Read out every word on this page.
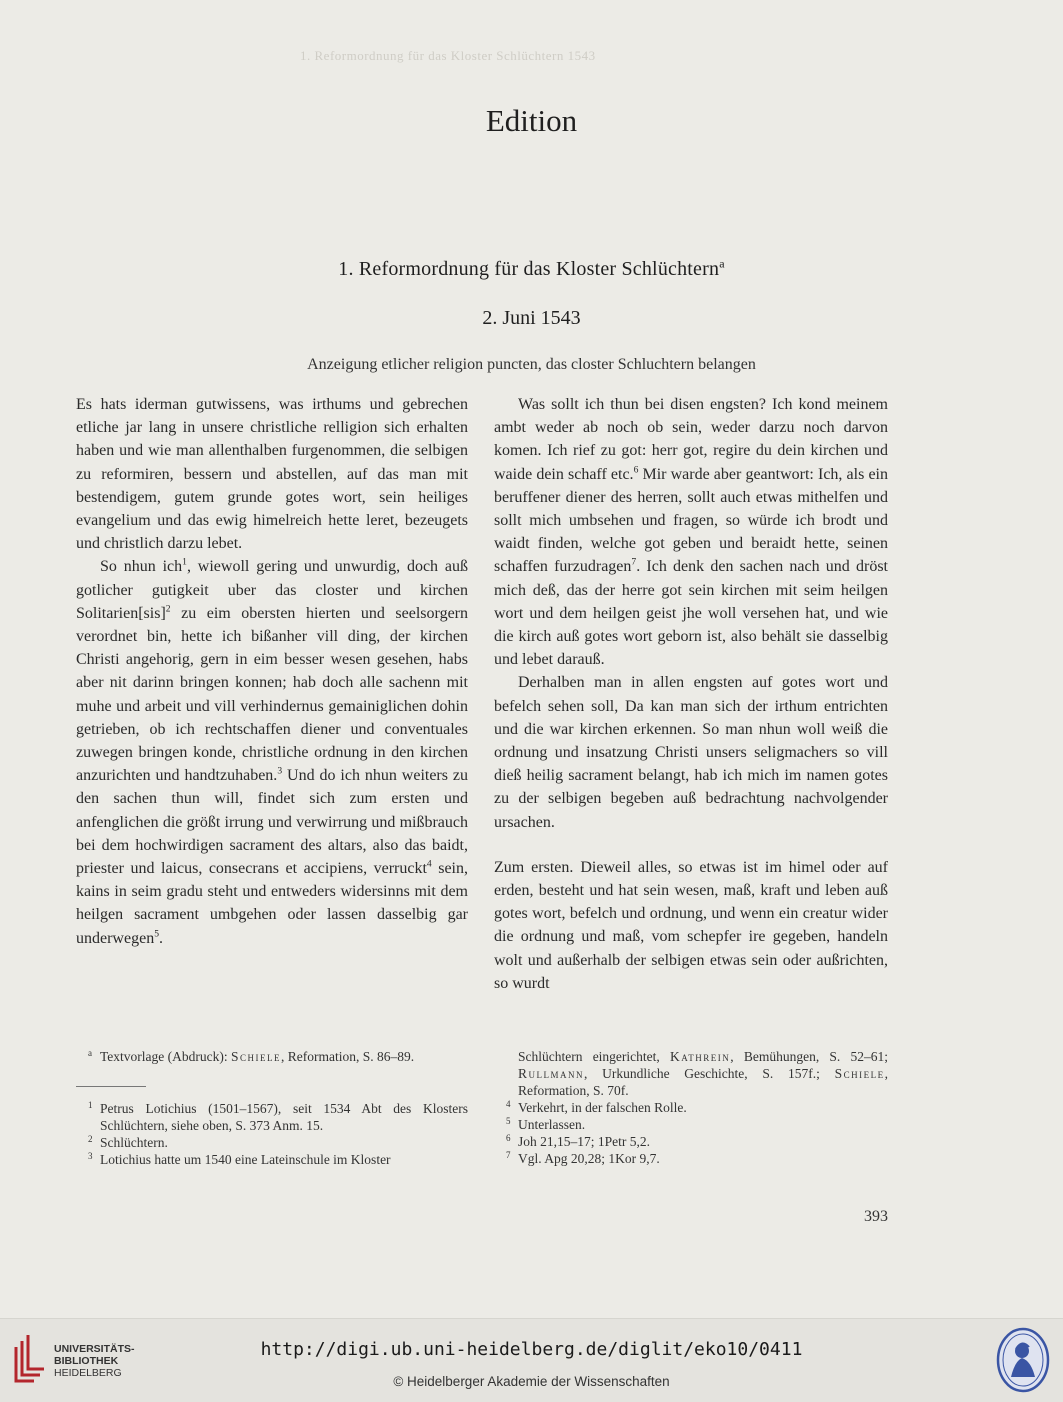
1. Reformordnung für das Kloster Schlüchtern 1543
Edition
1. Reformordnung für das Kloster Schlüchtern$^a$
2. Juni 1543
Anzeigung etlicher religion puncten, das closter Schluchtern belangen

Es hats iderman gutwissens, was irthums und gebrechen etliche jar lang in unsere christliche relligion sich erhalten haben und wie man allenthalben furgenommen, die selbigen zu reformiren, bessern und abstellen, auf das man mit bestendigem, gutem grunde gotes wort, sein heiliges evangelium und das ewig himelreich hette leret, bezeugets und christlich darzu lebet.

So nhun ich$^1$, wiewoll gering und unwurdig, doch auß gotlicher gutigkeit uber das closter und kirchen Solitarien[sis]$^2$ zu eim obersten hierten und seelsorgern verordnet bin, hette ich bißanher vill ding, der kirchen Christi angehorig, gern in eim besser wesen gesehen, habs aber nit darinn bringen konnen; hab doch alle sachenn mit muhe und arbeit und vill verhindernus gemainiglichen dohin getrieben, ob ich rechtschaffen diener und conventuales zuwegen bringen konde, christliche ordnung in den kirchen anzurichten und handtzuhaben.$^3$ Und do ich nhun weiters zu den sachen thun will, findet sich zum ersten und anfenglichen die größt irrung und verwirrung und mißbrauch bei dem hochwirdigen sacrament des altars, also das baidt, priester und laicus, consecrans et accipiens, verruckt$^4$ sein, kains in seim gradu steht und entweders widersinns mit dem heilgen sacrament umbgehen oder lassen dasselbig gar underwegen$^5$.

Was sollt ich thun bei disen engsten? Ich kond meinem ambt weder ab noch ob sein, weder darzu noch darvon komen. Ich rief zu got: herr got, regire du dein kirchen und waide dein schaff etc.$^6$ Mir warde aber geantwort: Ich, als ein beruffener diener des herren, sollt auch etwas mithelfen und sollt mich umbsehen und fragen, so würde ich brodt und waidt finden, welche got geben und beraidt hette, seinen schaffen furzudragen$^7$. Ich denk den sachen nach und dröst mich deß, das der herre got sein kirchen mit seim heilgen wort und dem heilgen geist jhe woll versehen hat, und wie die kirch auß gotes wort geborn ist, also behält sie dasselbig und lebet darauß.

Derhalben man in allen engsten auf gotes wort und befelch sehen soll, Da kan man sich der irthum entrichten und die war kirchen erkennen. So man nhun woll weiß die ordnung und insatzung Christi unsers seligmachers so vill dieß heilig sacrament belangt, hab ich mich im namen gotes zu der selbigen begeben auß bedrachtung nachvolgender ursachen.

Zum ersten. Dieweil alles, so etwas ist im himel oder auf erden, besteht und hat sein wesen, maß, kraft und leben auß gotes wort, befelch und ordnung, und wenn ein creatur wider die ordnung und maß, vom schepfer ire gegeben, handeln wolt und außerhalb der selbigen etwas sein oder außrichten, so wurdt

a Textvorlage (Abdruck): Schiele, Reformation, S. 86–89.

1 Petrus Lotichius (1501–1567), seit 1534 Abt des Klosters Schlüchtern, siehe oben, S. 373 Anm. 15.

2 Schlüchtern.

3 Lotichius hatte um 1540 eine Lateinschule im Kloster

Schlüchtern eingerichtet, Kathrein, Bemühungen, S. 52–61; Rullmann, Urkundliche Geschichte, S. 157f.; Schiele, Reformation, S. 70f.

4 Verkehrt, in der falschen Rolle.

5 Unterlassen.

6 Joh 21,15–17; 1Petr 5,2.

7 Vgl. Apg 20,28; 1Kor 9,7.

393
UNIVERSITÄTS-
BIBLIOTHEK
HEIDELBERG
http://digi.ub.uni-heidelberg.de/diglit/eko10/0411
© Heidelberger Akademie der Wissenschaften
